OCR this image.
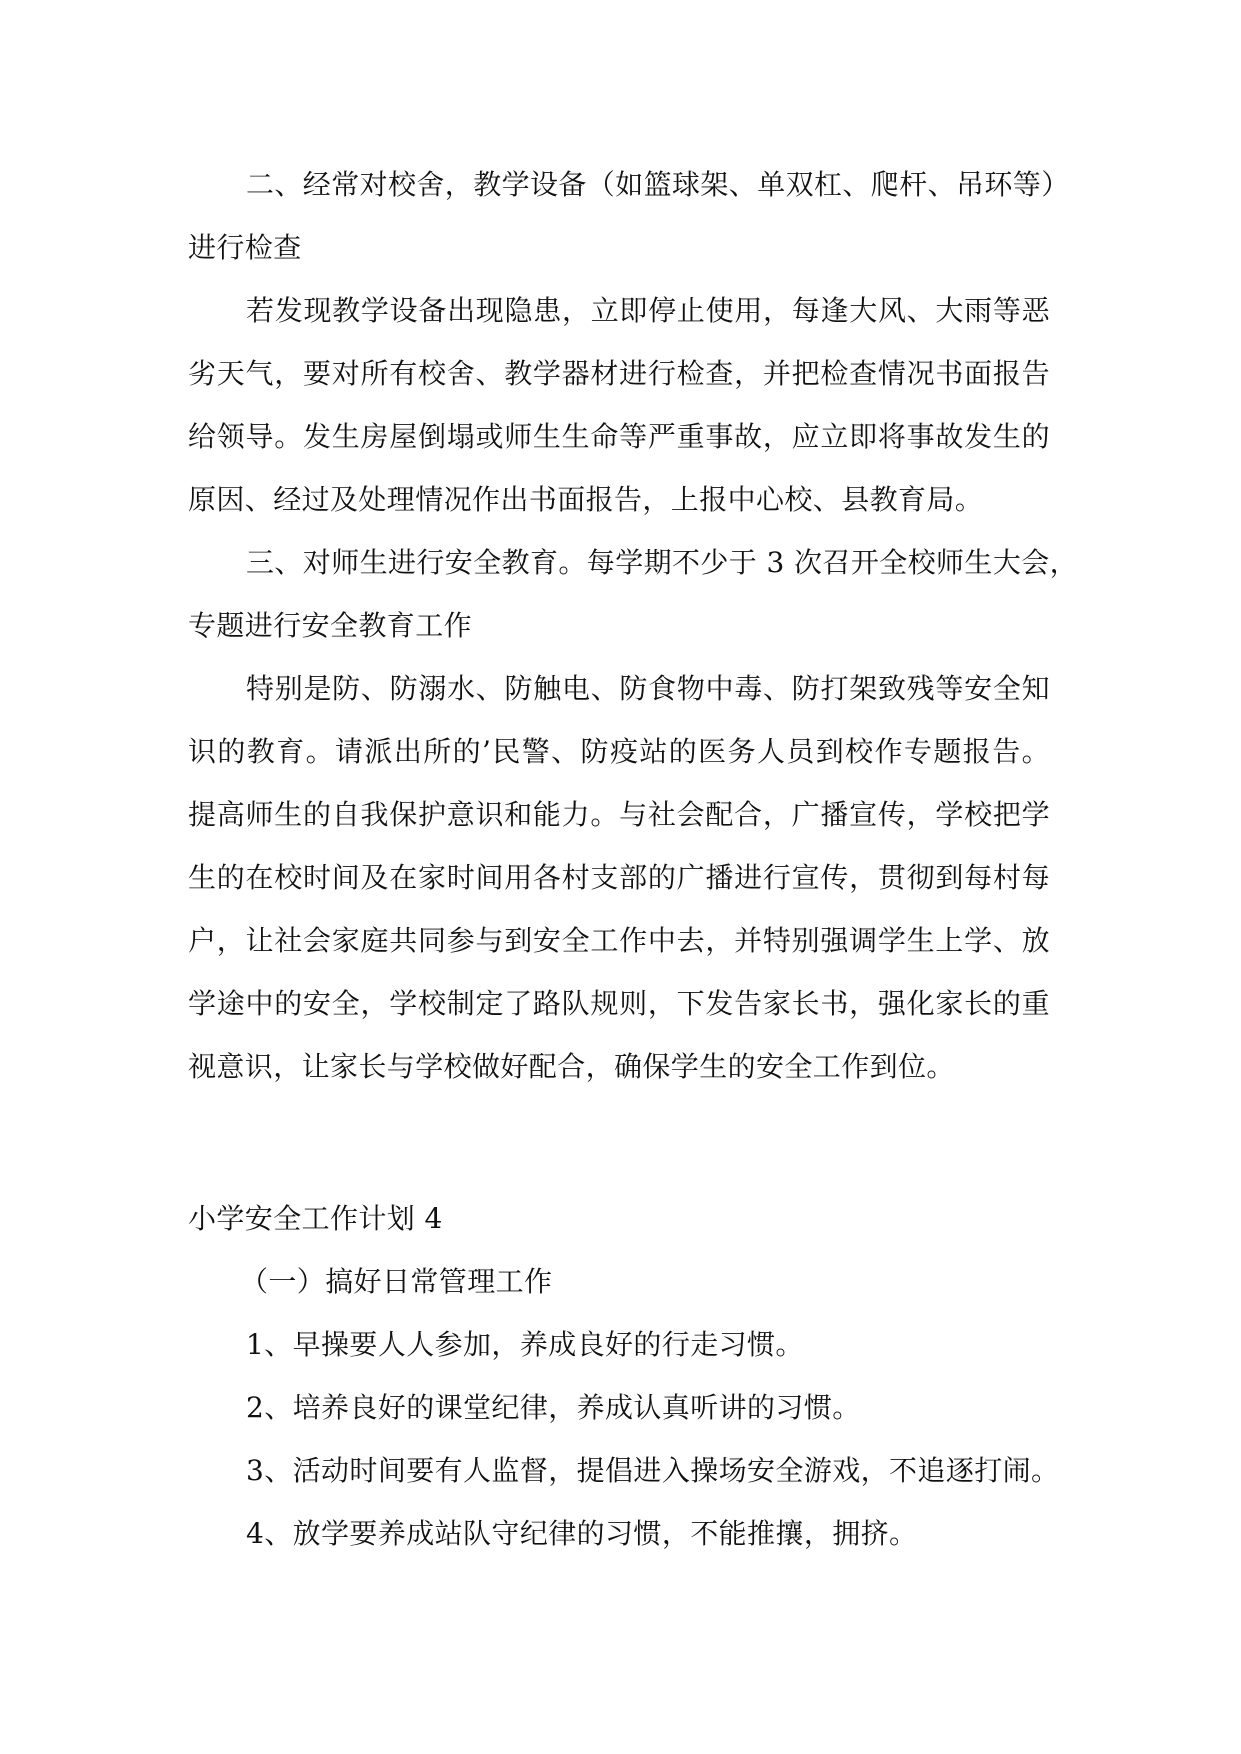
二、经常对校舍，教学设备（如篮球架、单双杠、爬杆、吊环等）
进行检查
若发现教学设备出现隐患，立即停止使用，每逢大风、大雨等恶
劣天气，要对所有校舍、教学器材进行检查，并把检查情况书面报告
给领导。发生房屋倒塌或师生生命等严重事故，应立即将事故发生的
原因、经过及处理情况作出书面报告，上报中心校、县教育局。
三、对师生进行安全教育。每学期不少于 3 次召开全校师生大会，
专题进行安全教育工作
特别是防、防溺水、防触电、防食物中毒、防打架致残等安全知
识的教育。请派出所的’民警、防疫站的医务人员到校作专题报告。
提高师生的自我保护意识和能力。与社会配合，广播宣传，学校把学
生的在校时间及在家时间用各村支部的广播进行宣传，贯彻到每村每
户，让社会家庭共同参与到安全工作中去，并特别强调学生上学、放
学途中的安全，学校制定了路队规则，下发告家长书，强化家长的重
视意识，让家长与学校做好配合，确保学生的安全工作到位。
小学安全工作计划 4
（一）搞好日常管理工作
1、早操要人人参加，养成良好的行走习惯。
2、培养良好的课堂纪律，养成认真听讲的习惯。
3、活动时间要有人监督，提倡进入操场安全游戏，不追逐打闹。
4、放学要养成站队守纪律的习惯，不能推攘，拥挤。
